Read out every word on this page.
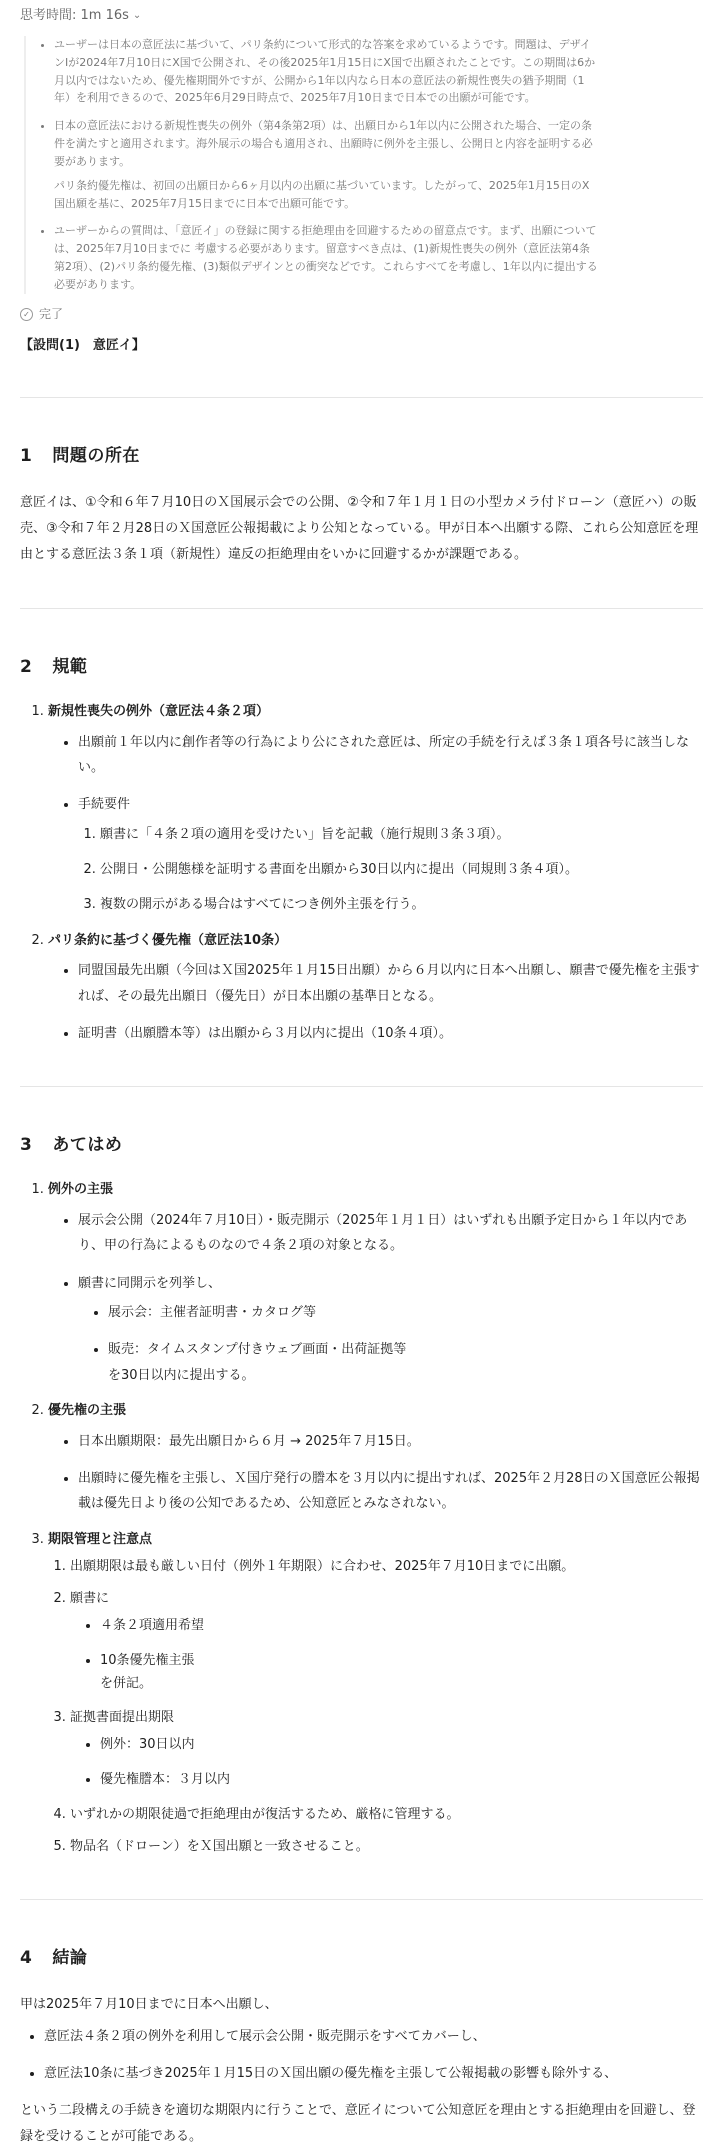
思考時間: 1m 16s ⌄
• ユーザーは日本の意匠法に基づいて、パリ条約について形式的な答案を求めているようです。問題は、デザインIが2024年7月10日にX国で公開され、その後2025年1月15日にX国で出願されたことです。この期間は6か月以内ではないため、優先権期間外ですが、公開から1年以内なら日本の意匠法の新規性喪失の猶予期間（1年）を利用できるので、2025年6月29日時点で、2025年7月10日まで日本での出願が可能です。
• 日本の意匠法における新規性喪失の例外（第4条第2項）は、出願日から1年以内に公開された場合、一定の条件を満たすと適用されます。海外展示の場合も適用され、出願時に例外を主張し、公開日と内容を証明する必要があります。

パリ条約優先権は、初回の出願日から6ヶ月以内の出願に基づいています。したがって、2025年1月15日のX国出願を基に、2025年7月15日までに日本で出願可能です。

• ユーザーからの質問は、「意匠イ」の登録に関する拒絶理由を回避するための留意点です。まず、出願については、2025年7月10日までに 考慮する必要があります。留意すべき点は、(1)新規性喪失の例外（意匠法第4条第2項）、(2)パリ条約優先権、(3)類似デザインとの衝突などです。これらすべてを考慮し、1年以内に提出する必要があります。
✓ 完了
【設問(1)　意匠イ】
1 問題の所在

意匠イは、①令和６年７月10日のＸ国展示会での公開、②令和７年１月１日の小型カメラ付ドローン（意匠ハ）の販売、③令和７年２月28日のＸ国意匠公報掲載により公知となっている。甲が日本へ出願する際、これら公知意匠を理由とする意匠法３条１項（新規性）違反の拒絶理由をいかに回避するかが課題である。

2 規範
1. 新規性喪失の例外（意匠法４条２項）
• 出願前１年以内に創作者等の行為により公にされた意匠は、所定の手続を行えば３条１項各号に該当しない。
• 手続要件
1. 願書に「４条２項の適用を受けたい」旨を記載（施行規則３条３項）。
2. 公開日・公開態様を証明する書面を出願から30日以内に提出（同規則３条４項）。
3. 複数の開示がある場合はすべてにつき例外主張を行う。
2. パリ条約に基づく優先権（意匠法10条）
• 同盟国最先出願（今回はＸ国2025年１月15日出願）から６月以内に日本へ出願し、願書で優先権を主張すれば、その最先出願日（優先日）が日本出願の基準日となる。
• 証明書（出願謄本等）は出願から３月以内に提出（10条４項）。
3 あてはめ
1. 例外の主張
• 展示会公開（2024年７月10日）・販売開示（2025年１月１日）はいずれも出願予定日から１年以内であり、甲の行為によるものなので４条２項の対象となる。
• 願書に同開示を列挙し、
• 展示会：主催者証明書・カタログ等
• 販売：タイムスタンプ付きウェブ画面・出荷証拠等
を30日以内に提出する。
2. 優先権の主張
• 日本出願期限：最先出願日から６月 → 2025年７月15日。
• 出願時に優先権を主張し、Ｘ国庁発行の謄本を３月以内に提出すれば、2025年２月28日のＸ国意匠公報掲載は優先日より後の公知であるため、公知意匠とみなされない。
3. 期限管理と注意点
1. 出願期限は最も厳しい日付（例外１年期限）に合わせ、2025年７月10日までに出願。
2. 願書に
• ４条２項適用希望
• 10条優先権主張
を併記。
3. 証拠書面提出期限
• 例外：30日以内
• 優先権謄本：３月以内
4. いずれかの期限徒過で拒絶理由が復活するため、厳格に管理する。
5. 物品名（ドローン）をＸ国出願と一致させること。
4 結論

甲は2025年７月10日までに日本へ出願し、

• 意匠法４条２項の例外を利用して展示会公開・販売開示をすべてカバーし、
• 意匠法10条に基づき2025年１月15日のＸ国出願の優先権を主張して公報掲載の影響も除外する、

という二段構えの手続きを適切な期限内に行うことで、意匠イについて公知意匠を理由とする拒絶理由を回避し、登録を受けることが可能である。
